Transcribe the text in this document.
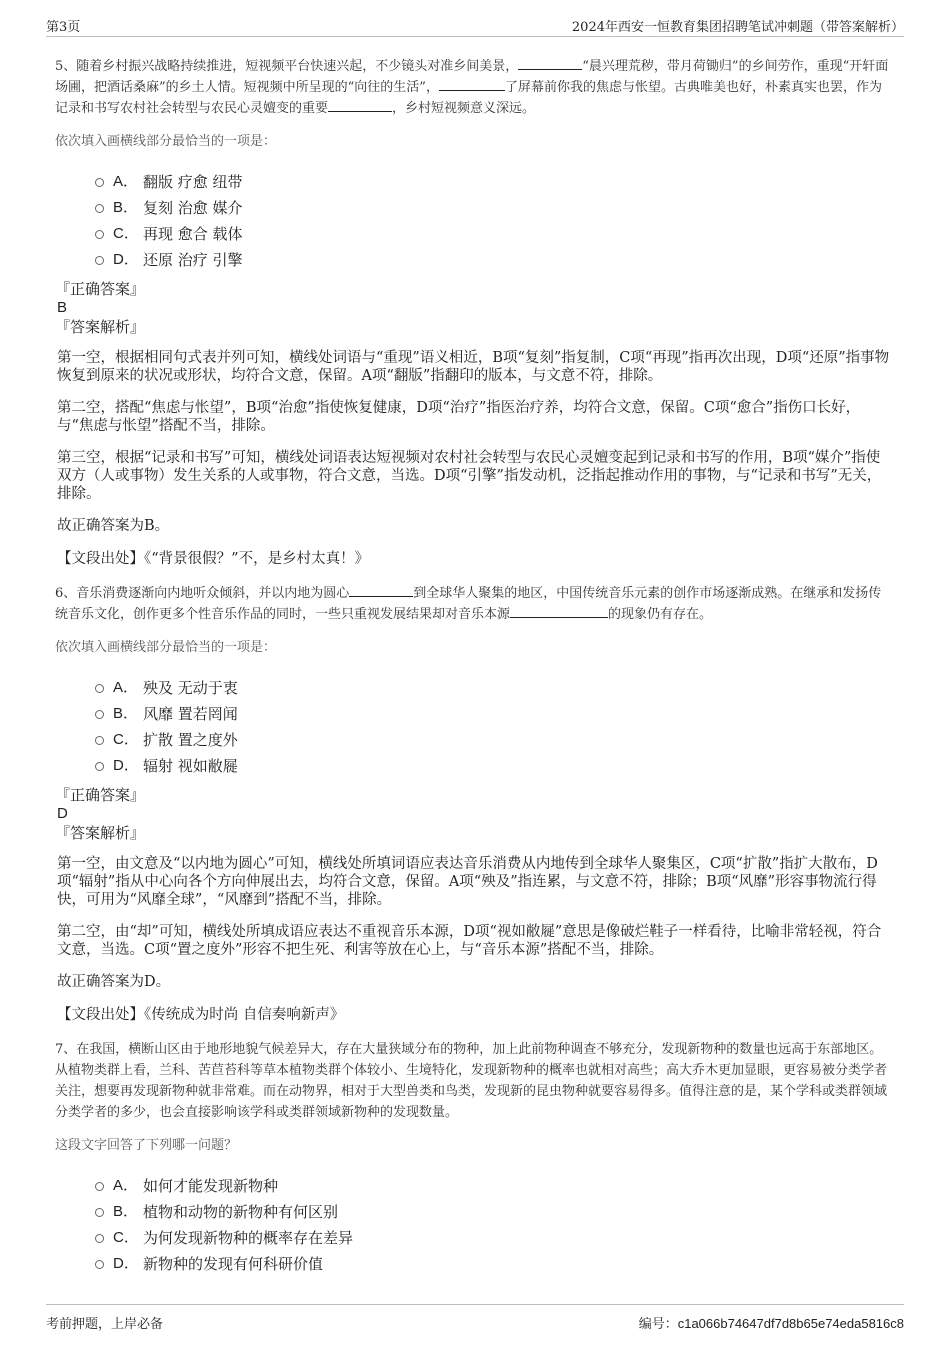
第3页	2024年西安一恒教育集团招聘笔试冲刺题（带答案解析）

5、随着乡村振兴战略持续推进，短视频平台快速兴起，不少镜头对准乡间美景，	“晨兴理荒秽，带月荷锄归”的乡间劳作，重现“开轩面场圃，把酒话桑麻”的乡土人情。短视频中所呈现的“向往的生活”，	了屏幕前你我的焦虑与怅望。古典唯美也好，朴素真实也罢，作为记录和书写农村社会转型与农民心灵嬗变的重要	，乡村短视频意义深远。

依次填入画横线部分最恰当的一项是：

A． 翻版 疗愈 纽带
B． 复刻 治愈 媒介
C． 再现 愈合 载体
D． 还原 治疗 引擎

『正确答案』

B

『答案解析』

第一空，根据相同句式表并列可知，横线处词语与“重现”语义相近，B项“复刻”指复制，C项“再现”指再次出现，D项“还原”指事物恢复到原来的状况或形状，均符合文意，保留。A项“翻版”指翻印的版本，与文意不符，排除。

第二空，搭配“焦虑与怅望”，B项“治愈”指使恢复健康，D项“治疗”指医治疗养，均符合文意，保留。C项“愈合”指伤口长好，与“焦虑与怅望”搭配不当，排除。

第三空，根据“记录和书写”可知，横线处词语表达短视频对农村社会转型与农民心灵嬗变起到记录和书写的作用，B项“媒介”指使双方（人或事物）发生关系的人或事物，符合文意，当选。D项“引擎”指发动机，泛指起推动作用的事物，与“记录和书写”无关，排除。

故正确答案为B。

【文段出处】《“背景很假？”不，是乡村太真！》

6、音乐消费逐渐向内地听众倾斜，并以内地为圆心	到全球华人聚集的地区，中国传统音乐元素的创作市场逐渐成熟。在继承和发扬传统音乐文化，创作更多个性音乐作品的同时，一些只重视发展结果却对音乐本源	的现象仍有存在。

依次填入画横线部分最恰当的一项是：

A． 殃及 无动于衷
B． 风靡 置若罔闻
C． 扩散 置之度外
D． 辐射 视如敝屣

『正确答案』

D

『答案解析』

第一空，由文意及“以内地为圆心”可知，横线处所填词语应表达音乐消费从内地传到全球华人聚集区，C项“扩散”指扩大散布，D项“辐射”指从中心向各个方向伸展出去，均符合文意，保留。A项“殃及”指连累，与文意不符，排除；B项“风靡”形容事物流行得快，可用为“风靡全球”，“风靡到”搭配不当，排除。

第二空，由“却”可知，横线处所填成语应表达不重视音乐本源，D项“视如敝屣”意思是像破烂鞋子一样看待，比喻非常轻视，符合文意，当选。C项“置之度外”形容不把生死、利害等放在心上，与“音乐本源”搭配不当，排除。

故正确答案为D。

【文段出处】《传统成为时尚 自信奏响新声》

7、在我国，横断山区由于地形地貌气候差异大，存在大量狭域分布的物种，加上此前物种调查不够充分，发现新物种的数量也远高于东部地区。从植物类群上看，兰科、苦苣苔科等草本植物类群个体较小、生境特化，发现新物种的概率也就相对高些；高大乔木更加显眼，更容易被分类学者关注，想要再发现新物种就非常难。而在动物界，相对于大型兽类和鸟类，发现新的昆虫物种就要容易得多。值得注意的是，某个学科或类群领域分类学者的多少，也会直接影响该学科或类群领域新物种的发现数量。

这段文字回答了下列哪一问题？

A． 如何才能发现新物种
B． 植物和动物的新物种有何区别
C． 为何发现新物种的概率存在差异
D． 新物种的发现有何科研价值
考前押题，上岸必备	编号：c1a066b74647df7d8b65e74eda5816c8
